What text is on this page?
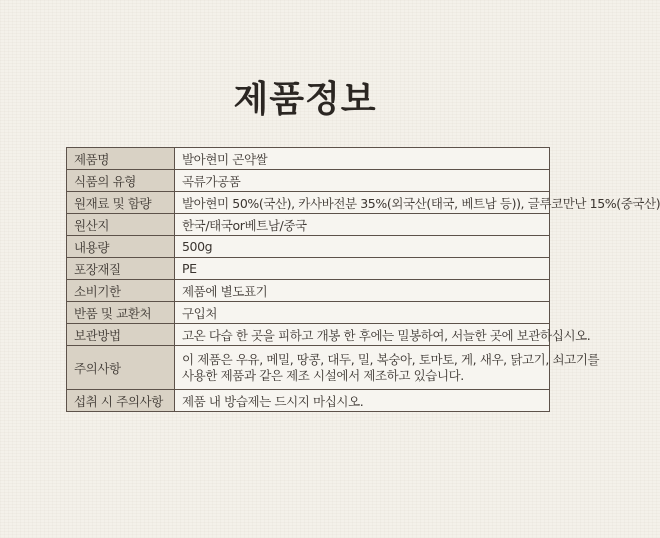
제품정보
제품명	발아현미 곤약쌀
식품의 유형	곡류가공품
원재료 및 함량	발아현미 50%(국산), 카사바전분 35%(외국산(태국, 베트남 등)), 글루코만난 15%(중국산)
원산지	한국/태국or베트남/중국
내용량	500g
포장재질	PE
소비기한	제품에 별도표기
반품 및 교환처	구입처
보관방법	고온 다습 한 곳을 피하고 개봉 한 후에는 밀봉하여, 서늘한 곳에 보관하십시오.
주의사항	이 제품은 우유, 메밀, 땅콩, 대두, 밀, 복숭아, 토마토, 게, 새우, 닭고기, 쇠고기를
사용한 제품과 같은 제조 시설에서 제조하고 있습니다.

섭취 시 주의사항	제품 내 방습제는 드시지 마십시오.
